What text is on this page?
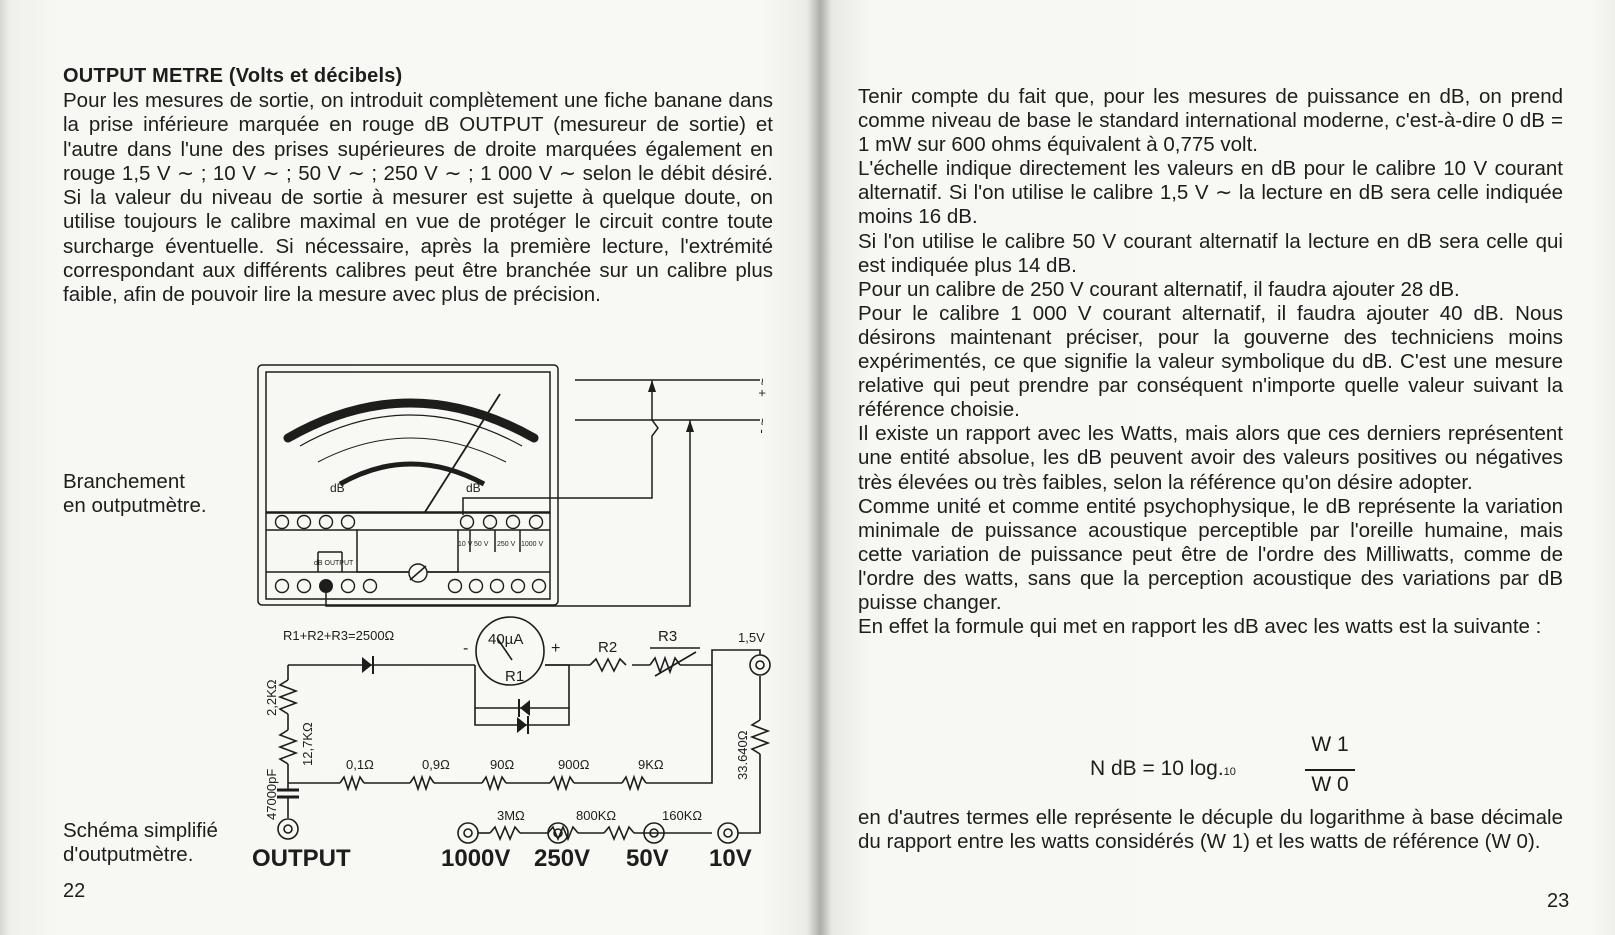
OUTPUT METRE (Volts et décibels)

Pour les mesures de sortie, on introduit complètement une fiche banane dans la prise inférieure marquée en rouge dB OUTPUT (mesureur de sortie) et l'autre dans l'une des prises supérieures de droite marquées également en rouge 1,5 V ∼ ; 10 V ∼ ; 50 V ∼ ; 250 V ∼ ; 1 000 V ∼ selon le débit désiré. Si la valeur du niveau de sortie à mesurer est sujette à quelque doute, on utilise toujours le calibre maximal en vue de protéger le circuit contre toute surcharge éventuelle. Si nécessaire, après la première lecture, l'extrémité correspondant aux différents calibres peut être branchée sur un calibre plus faible, afin de pouvoir lire la mesure avec plus de précision.

Branchement
en outputmètre.

Schéma simplifié
d'outputmètre.

22

dB	dB
10 V 50 V 250 V 1000 V
dB OUTPUT
~ +
~ -
R1+R2+R3=2500Ω	40µA
R1
-	+	R2
R3	1,5V
2,2KΩ
12,7KΩ
47000pF
33.640Ω
0,1Ω	0,9Ω	90Ω	900Ω	9KΩ
3MΩ	800KΩ	160KΩ
OUTPUT	1000V 250V 50V 10V
Tenir compte du fait que, pour les mesures de puissance en dB, on prend comme niveau de base le standard international moderne, c'est-à-dire 0 dB = 1 mW sur 600 ohms équivalent à 0,775 volt.
L'échelle indique directement les valeurs en dB pour le calibre 10 V courant alternatif. Si l'on utilise le calibre 1,5 V ∼ la lecture en dB sera celle indiquée moins 16 dB.
Si l'on utilise le calibre 50 V courant alternatif la lecture en dB sera celle qui est indiquée plus 14 dB.
Pour un calibre de 250 V courant alternatif, il faudra ajouter 28 dB.
Pour le calibre 1 000 V courant alternatif, il faudra ajouter 40 dB. Nous désirons maintenant préciser, pour la gouverne des techniciens moins expérimentés, ce que signifie la valeur symbolique du dB. C'est une mesure relative qui peut prendre par conséquent n'importe quelle valeur suivant la référence choisie.
Il existe un rapport avec les Watts, mais alors que ces derniers représentent une entité absolue, les dB peuvent avoir des valeurs positives ou négatives très élevées ou très faibles, selon la référence qu'on désire adopter.
Comme unité et comme entité psychophysique, le dB représente la variation minimale de puissance acoustique perceptible par l'oreille humaine, mais cette variation de puissance peut être de l'ordre des Milliwatts, comme de l'ordre des watts, sans que la perception acoustique des variations par dB puisse changer.
En effet la formule qui met en rapport les dB avec les watts est la suivante :
N dB = 10 log.10
W 1
W 0

en d'autres termes elle représente le décuple du logarithme à base décimale du rapport entre les watts considérés (W 1) et les watts de référence (W 0).

23
